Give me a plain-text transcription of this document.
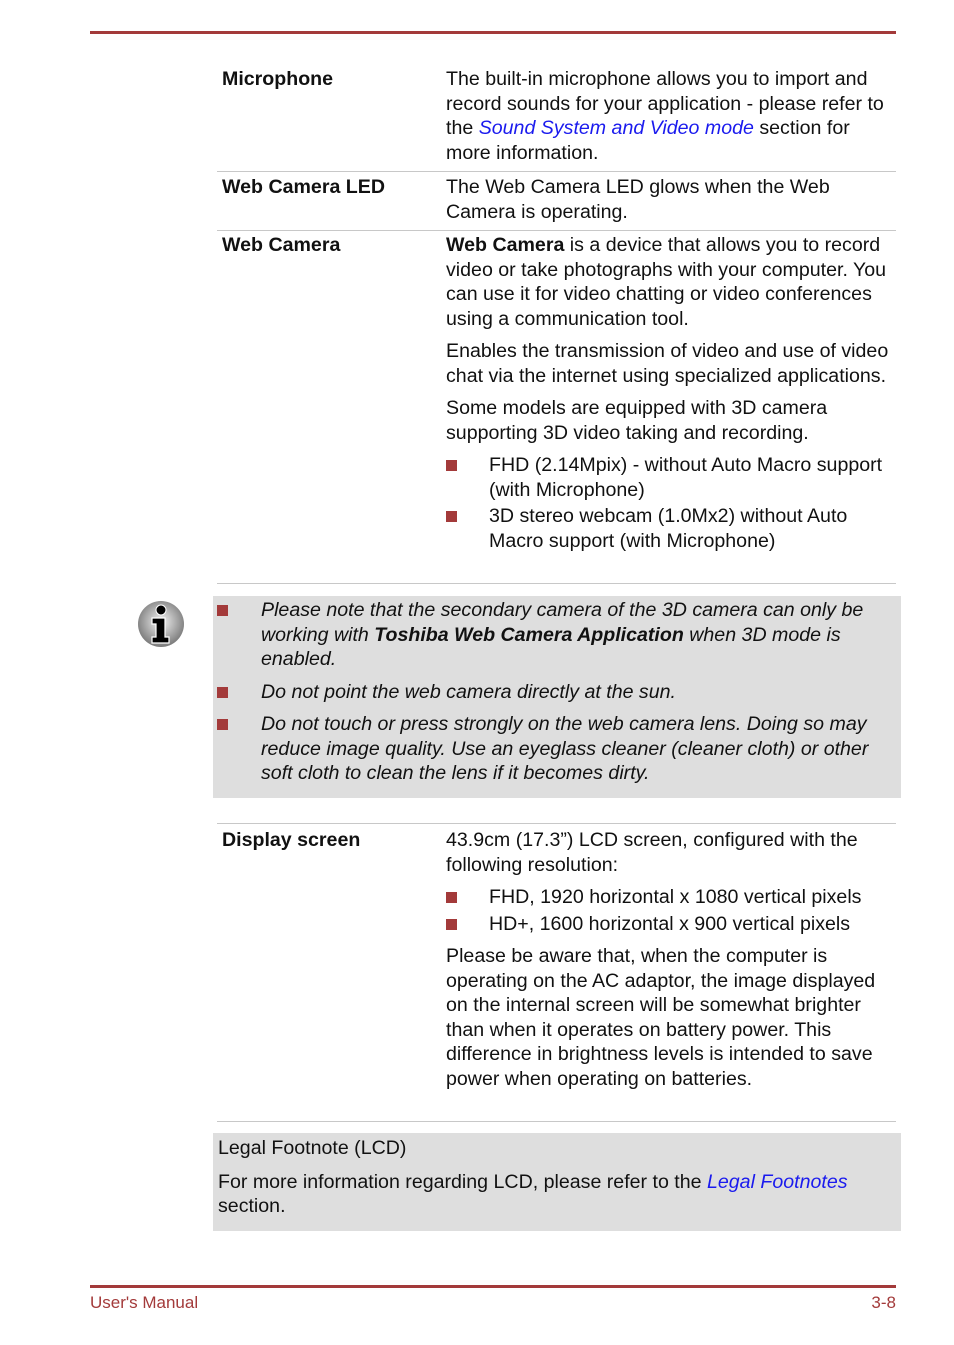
Microphone	The built-in microphone allows you to import and record sounds for your application - please refer to the Sound System and Video mode section for more information.
Web Camera LED	The Web Camera LED glows when the Web Camera is operating.
Web Camera	Web Camera is a device that allows you to record video or take photographs with your computer. You can use it for video chatting or video conferences using a communication tool.

Enables the transmission of video and use of video chat via the internet using specialized applications.

Some models are equipped with 3D camera supporting 3D video taking and recording.

FHD (2.14Mpix) - without Auto Macro support (with Microphone)
3D stereo webcam (1.0Mx2) without Auto Macro support (with Microphone)
Please note that the secondary camera of the 3D camera can only be working with Toshiba Web Camera Application when 3D mode is enabled.
Do not point the web camera directly at the sun.
Do not touch or press strongly on the web camera lens. Doing so may reduce image quality. Use an eyeglass cleaner (cleaner cloth) or other soft cloth to clean the lens if it becomes dirty.
Display screen	43.9cm (17.3”) LCD screen, configured with the following resolution:

FHD, 1920 horizontal x 1080 vertical pixels
HD+, 1600 horizontal x 900 vertical pixels

Please be aware that, when the computer is operating on the AC adaptor, the image displayed on the internal screen will be somewhat brighter than when it operates on battery power. This difference in brightness levels is intended to save power when operating on batteries.

Legal Footnote (LCD)
For more information regarding LCD, please refer to the Legal Footnotes section.
User's Manual	3-8
